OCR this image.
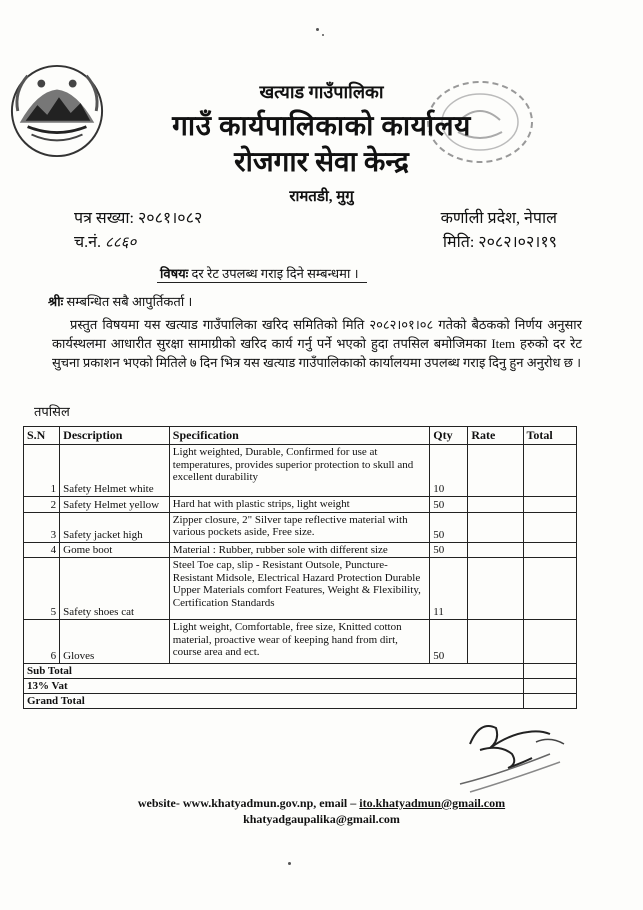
खत्याड गाउँपालिका
गाउँ कार्यपालिकाको कार्यालय
रोजगार सेवा केन्द्र
रामतडी, मुगु
पत्र सख्या: २०८१।०८२	कर्णाली प्रदेश, नेपाल
च.नं. ८८६०	मिति: २०८२।०२।१९
विषयः दर रेट उपलब्ध गराइ दिने सम्बन्धमा ।
श्रीः सम्बन्धित सबै आपुर्तिकर्ता ।
प्रस्तुत विषयमा यस खत्याड गाउँपालिका खरिद समितिको मिति २०८२।०१।०८ गतेको बैठकको निर्णय अनुसार कार्यस्थलमा आधारीत सुरक्षा सामाग्रीको खरिद कार्य गर्नु पर्ने भएको हुदा तपसिल बमोजिमका Item हरुको दर रेट सुचना प्रकाशन भएको मितिले ७ दिन भित्र यस खत्याड गाउँपालिकाको कार्यालयमा उपलब्ध गराइ दिनु हुन अनुरोध छ ।
तपसिल
S.N	Description	Specification	Qty	Rate	Total
1	Safety Helmet white	Light weighted, Durable, Confirmed for use at temperatures, provides superior protection to skull and excellent durability	10		
2	Safety Helmet yellow	Hard hat with plastic strips, light weight	50		
3	Safety jacket high	Zipper closure, 2" Silver tape reflective material with various pockets aside, Free size.	50		
4	Gome boot	Material : Rubber, rubber sole with different size	50		
5	Safety shoes cat	Steel Toe cap, slip - Resistant Outsole, Puncture-Resistant Midsole, Electrical Hazard Protection Durable Upper Materials comfort Features, Weight & Flexibility, Certification Standards	11		
6	Gloves	Light weight, Comfortable, free size, Knitted cotton material, proactive wear of keeping hand from dirt, course area and ect.	50		
Sub Total					
13% Vat					
Grand Total					
website- www.khatyadmun.gov.np, email – ito.khatyadmun@gmail.com
khatyadgaupalika@gmail.com
